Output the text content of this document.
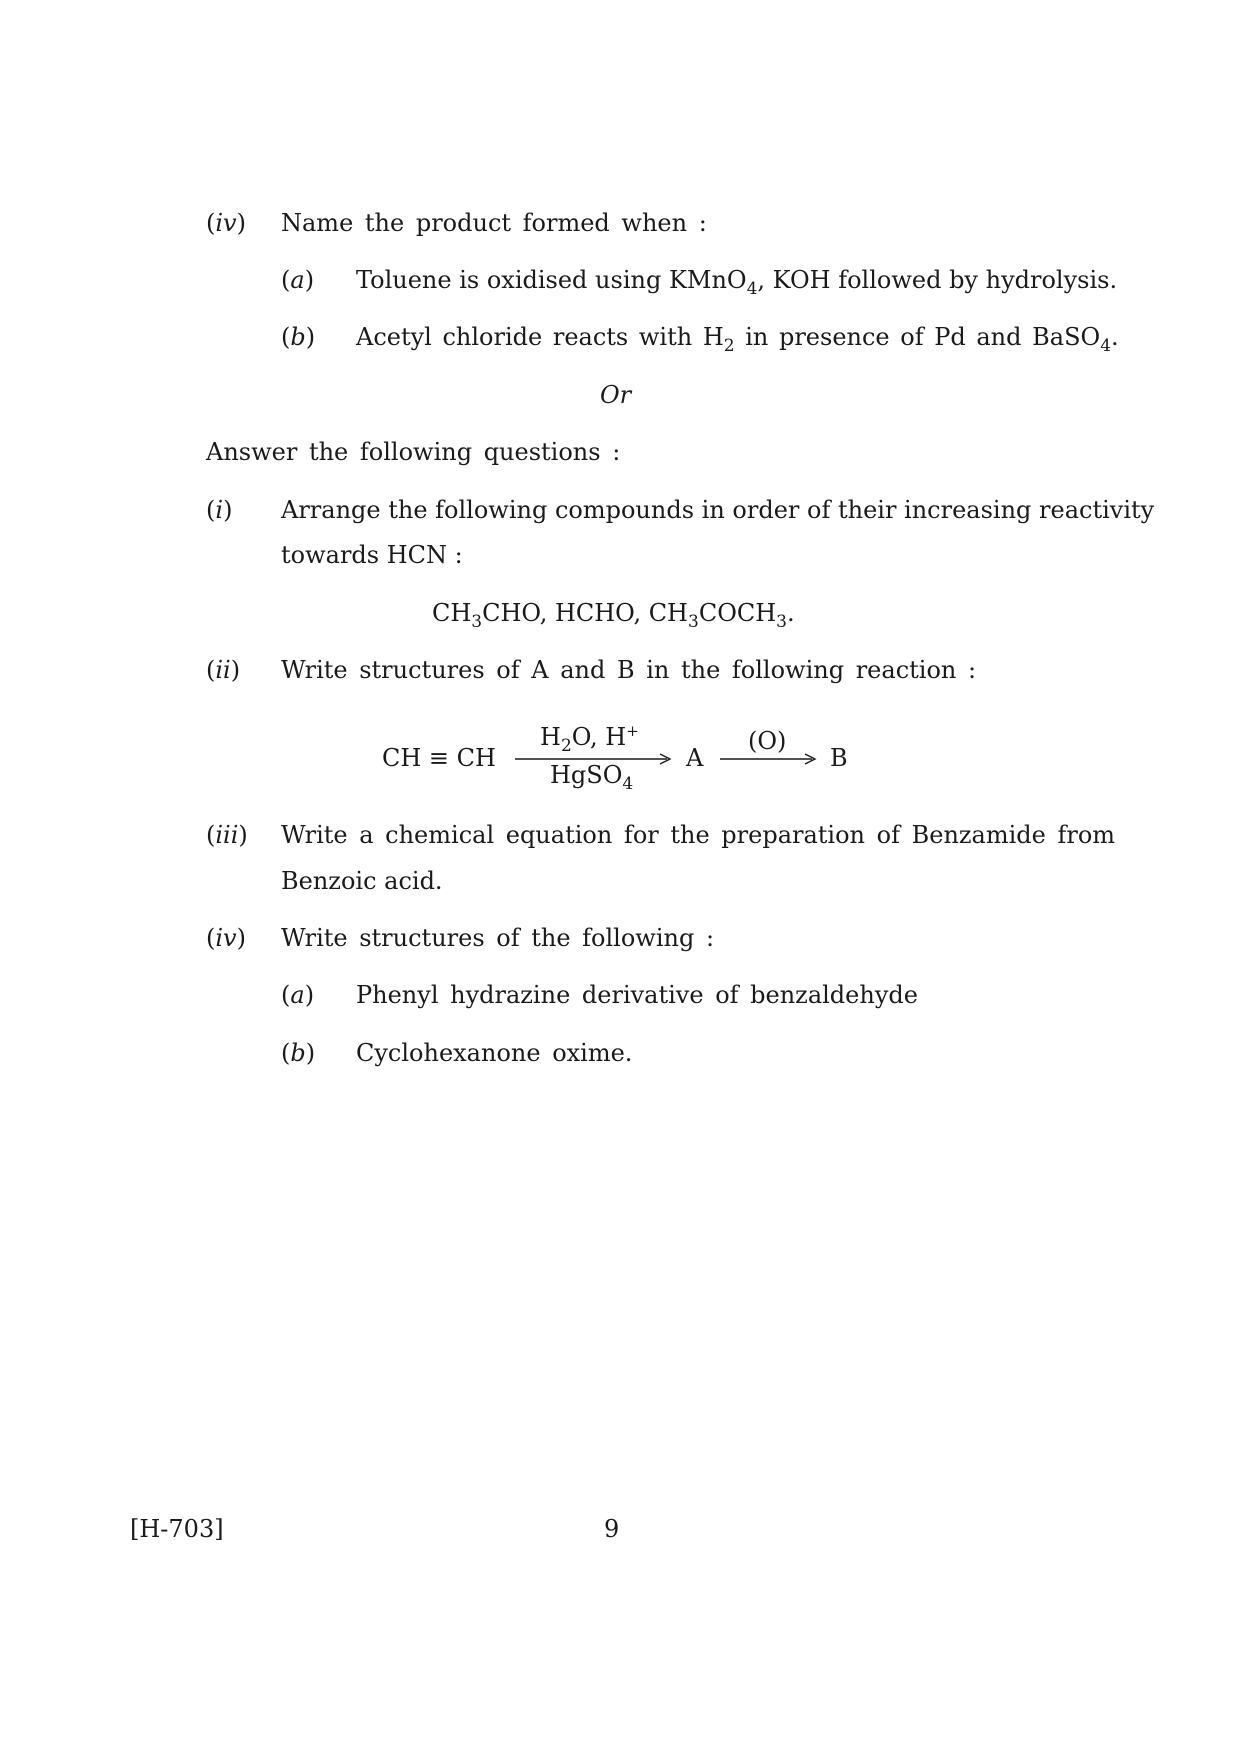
(iv) Name the product formed when :
(a) Toluene is oxidised using KMnO$_4$, KOH followed by hydrolysis.
(b) Acetyl chloride reacts with $H_2$ in presence of Pd and BaSO$_4$.
Or
Answer the following questions :
(i) Arrange the following compounds in order of their increasing reactivity
towards HCN :
$CH_3CHO$, HCHO, $CH_3COCH_3$.
(ii) Write structures of A and B in the following reaction :
CH ≡ CH
$H_2O$, H+
HgSO$_4$
A
(O)
B
(iii) Write a chemical equation for the preparation of Benzamide from
Benzoic acid.
(iv) Write structures of the following :
(a) Phenyl hydrazine derivative of benzaldehyde
(b) Cyclohexanone oxime.
[H-703]	9
